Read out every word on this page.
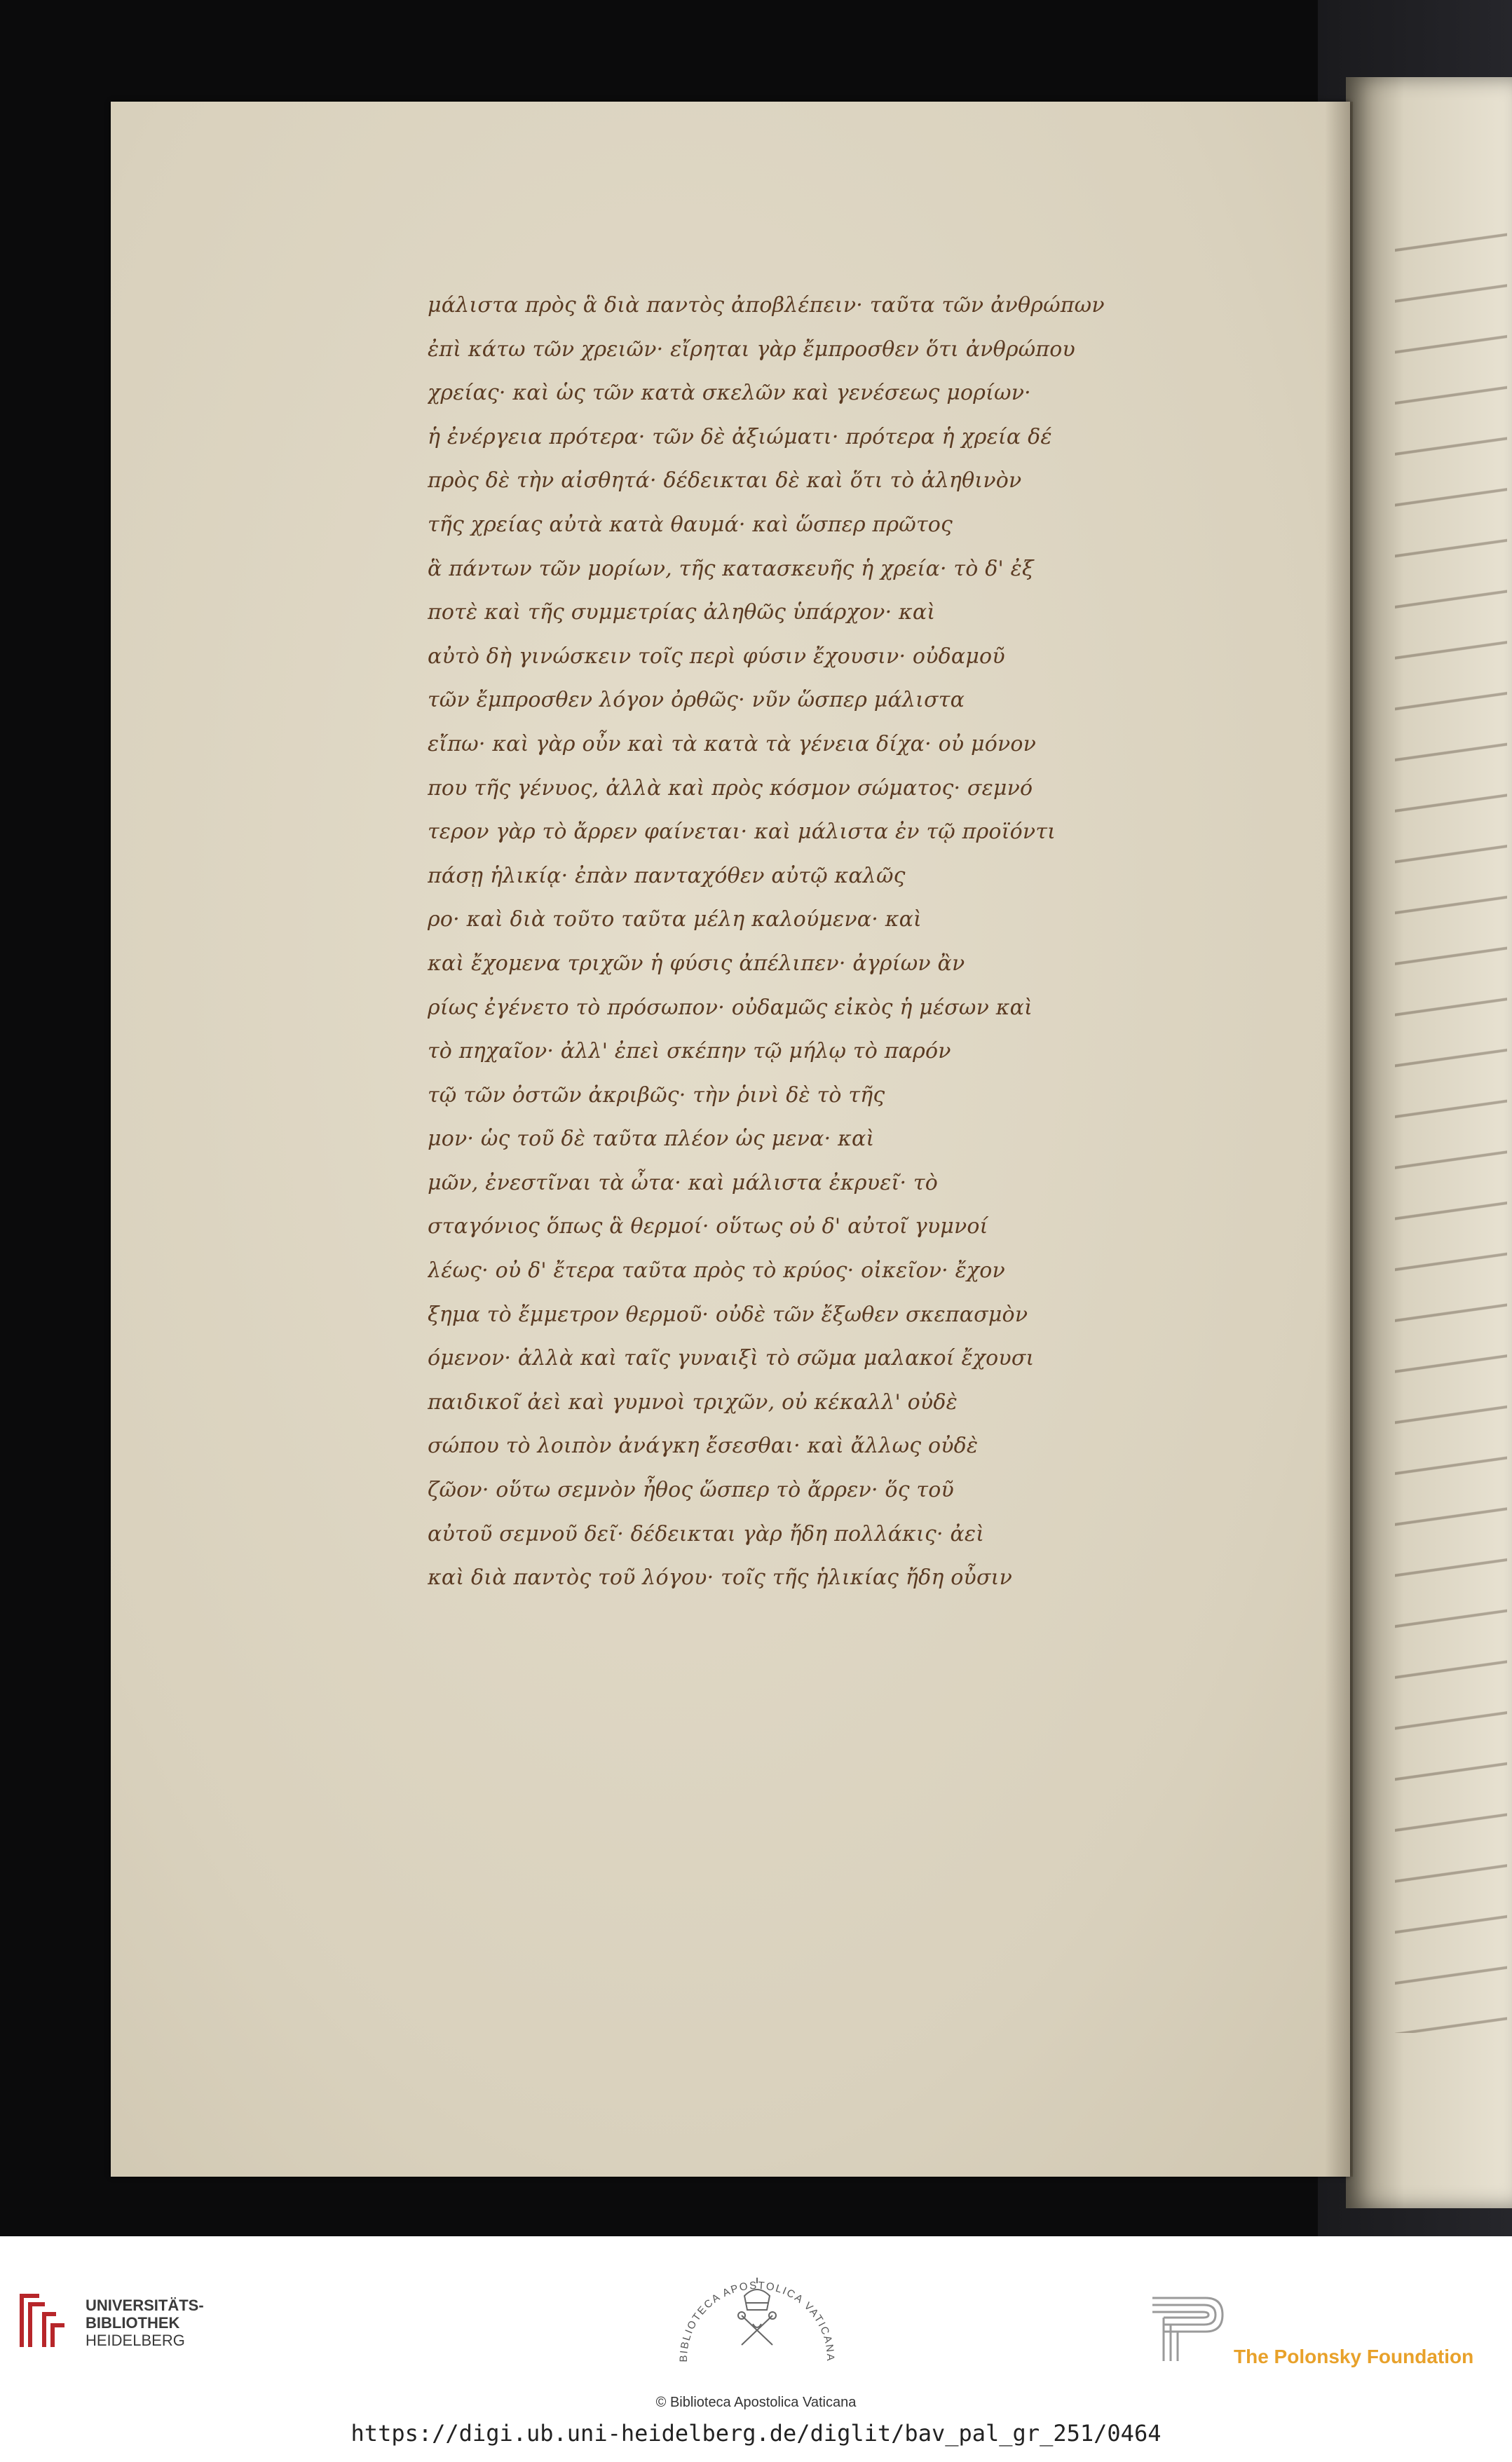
μάλιστα πρὸς ἃ διὰ παντὸς ἀποβλέπειν· ταῦτα τῶν ἀνθρώπων
ἐπὶ κάτω τῶν χρειῶν· εἴρηται γὰρ ἔμπροσθεν ὅτι ἀνθρώπου
χρείας· καὶ ὡς τῶν κατὰ σκελῶν καὶ γενέσεως μορίων·
ἡ ἐνέργεια πρότερα· τῶν δὲ ἀξιώματι· πρότερα ἡ χρεία δέ
πρὸς δὲ τὴν αἰσθητά· δέδεικται δὲ καὶ ὅτι τὸ ἀληθινὸν
τῆς χρείας αὐτὰ κατὰ θαυμά· καὶ ὥσπερ πρῶτος
ἃ πάντων τῶν μορίων, τῆς κατασκευῆς ἡ χρεία· τὸ δ' ἐξ
ποτὲ καὶ τῆς συμμετρίας ἀληθῶς ὑπάρχον· καὶ
αὐτὸ δὴ γινώσκειν τοῖς περὶ φύσιν ἔχουσιν· οὐδαμοῦ
τῶν ἔμπροσθεν λόγον ὀρθῶς· νῦν ὥσπερ μάλιστα
εἴπω· καὶ γὰρ οὖν καὶ τὰ κατὰ τὰ γένεια δίχα· οὐ μόνον
που τῆς γένυος, ἀλλὰ καὶ πρὸς κόσμον σώματος· σεμνό
τερον γὰρ τὸ ἄρρεν φαίνεται· καὶ μάλιστα ἐν τῷ προϊόντι
πάσῃ ἡλικίᾳ· ἐπὰν πανταχόθεν αὐτῷ καλῶς
ρο· καὶ διὰ τοῦτο ταῦτα μέλη καλούμενα· καὶ
καὶ ἔχομενα τριχῶν ἡ φύσις ἀπέλιπεν· ἀγρίων ἂν
ρίως ἐγένετο τὸ πρόσωπον· οὐδαμῶς εἰκὸς ἡ μέσων καὶ
τὸ πηχαῖον· ἀλλ' ἐπεὶ σκέπην τῷ μήλῳ τὸ παρόν
τῷ τῶν ὀστῶν ἀκριβῶς· τὴν ῥινὶ δὲ τὸ τῆς
μον· ὡς τοῦ δὲ ταῦτα πλέον ὡς μενα· καὶ
μῶν, ἐνεστῖναι τὰ ὦτα· καὶ μάλιστα ἐκρυεῖ· τὸ
σταγόνιος ὅπως ἃ θερμοί· οὕτως οὐ δ' αὐτοῖ γυμνοί
λέως· οὐ δ' ἔτερα ταῦτα πρὸς τὸ κρύος· οἰκεῖον· ἔχον
ξημα τὸ ἔμμετρον θερμοῦ· οὐδὲ τῶν ἔξωθεν σκεπασμὸν
όμενον· ἀλλὰ καὶ ταῖς γυναιξὶ τὸ σῶμα μαλακοί ἔχουσι
παιδικοῖ ἀεὶ καὶ γυμνοὶ τριχῶν, οὐ κέκαλλ' οὐδὲ
σώπου τὸ λοιπὸν ἀνάγκη ἔσεσθαι· καὶ ἄλλως οὐδὲ
ζῶον· οὕτω σεμνὸν ἦθος ὥσπερ τὸ ἄρρεν· ὅς τοῦ
αὐτοῦ σεμνοῦ δεῖ· δέδεικται γὰρ ἤδη πολλάκις· ἀεὶ
καὶ διὰ παντὸς τοῦ λόγου· τοῖς τῆς ἡλικίας ἤδη οὖσιν
UNIVERSITÄTS-
BIBLIOTHEK
HEIDELBERG
BIBLIOTECA APOSTOLICA VATICANA
© Biblioteca Apostolica Vaticana
The Polonsky Foundation
https://digi.ub.uni-heidelberg.de/diglit/bav_pal_gr_251/0464
